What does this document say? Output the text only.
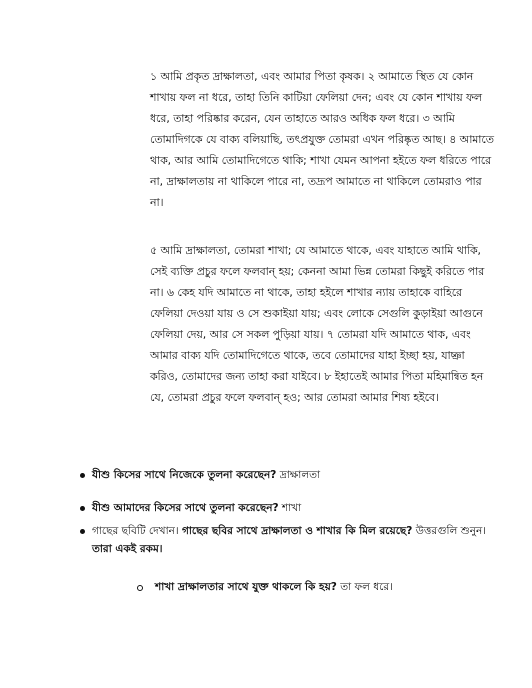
১ আমি প্রকৃত দ্রাক্ষালতা, এবং আমার পিতা কৃষক। ২ আমাতে স্থিত যে কোন শাখায় ফল না ধরে, তাহা তিনি কাটিয়া ফেলিয়া দেন; এবং যে কোন শাখায় ফল ধরে, তাহা পরিষ্কার করেন, যেন তাহাতে আরও অধিক ফল ধরে। ৩ আমি তোমাদিগকে যে বাক্য বলিয়াছি, তৎপ্রযুক্ত তোমরা এখন পরিষ্কৃত আছ। ৪ আমাতে থাক, আর আমি তোমাদিগেতে থাকি; শাখা যেমন আপনা হইতে ফল ধরিতে পারে না, দ্রাক্ষালতায় না থাকিলে পারে না, তদ্রূপ আমাতে না থাকিলে তোমরাও পার না।

৫ আমি দ্রাক্ষালতা, তোমরা শাখা; যে আমাতে থাকে, এবং যাহাতে আমি থাকি, সেই ব্যক্তি প্রচুর ফলে ফলবান্ হয়; কেননা আমা ভিন্ন তোমরা কিছুই করিতে পার না। ৬ কেহ যদি আমাতে না থাকে, তাহা হইলে শাখার ন্যায় তাহাকে বাহিরে ফেলিয়া দেওয়া যায় ও সে শুকাইয়া যায়; এবং লোকে সেগুলি কুড়াইয়া আগুনে ফেলিয়া দেয়, আর সে সকল পুড়িয়া যায়। ৭ তোমরা যদি আমাতে থাক, এবং আমার বাক্য যদি তোমাদিগেতে থাকে, তবে তোমাদের যাহা ইচ্ছা হয়, যাচ্ঞা করিও, তোমাদের জন্য তাহা করা যাইবে। ৮ ইহাতেই আমার পিতা মহিমান্বিত হন যে, তোমরা প্রচুর ফলে ফলবান্ হও; আর তোমরা আমার শিষ্য হইবে।

যীশু কিসের সাথে নিজেকে তুলনা করেছেন? দ্রাক্ষালতা
যীশু আমাদের কিসের সাথে তুলনা করেছেন? শাখা
গাছের ছবিটি দেখান। গাছের ছবির সাথে দ্রাক্ষালতা ও শাখার কি মিল রয়েছে? উত্তরগুলি শুনুন। তারা একই রকম।
শাখা দ্রাক্ষালতার সাথে যুক্ত থাকলে কি হয়? তা ফল ধরে।
